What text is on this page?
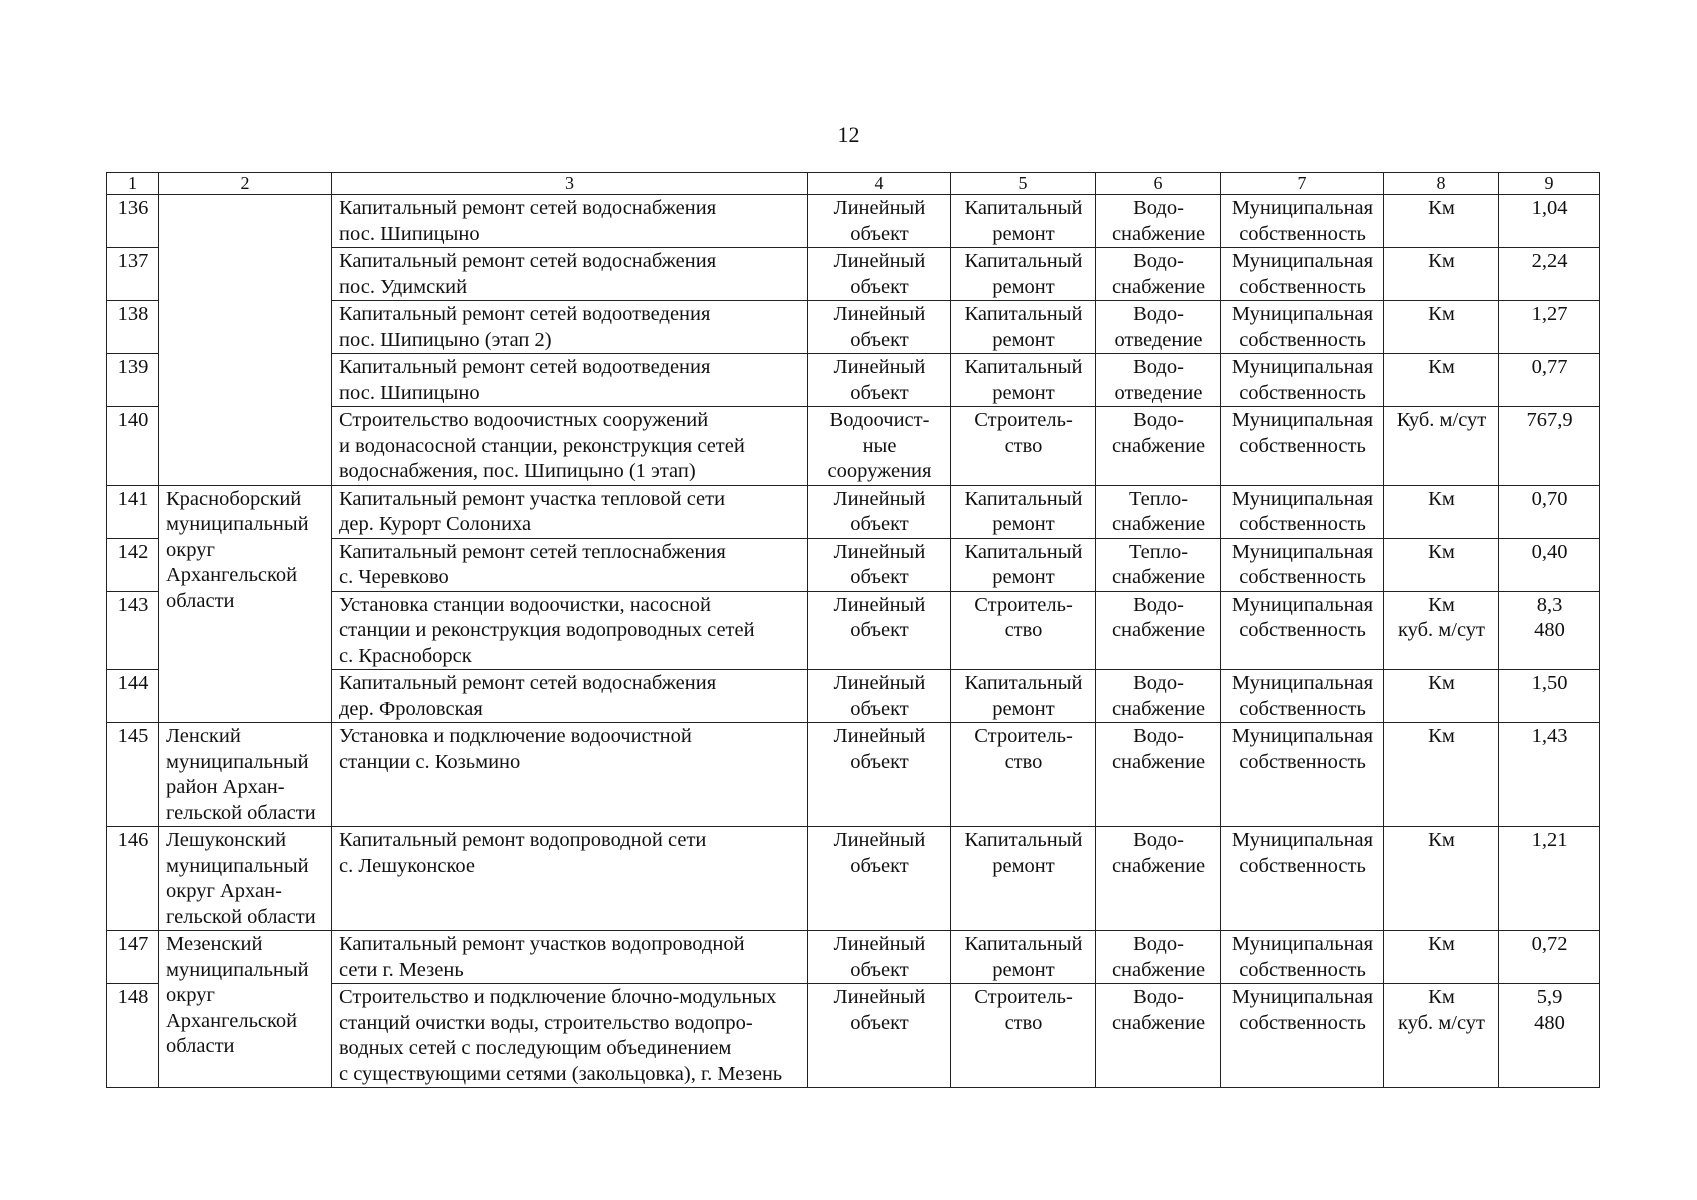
12
1	2	3	4	5	6	7	8	9
136		Капитальный ремонт сетей водоснабжения
пос. Шипицыно	Линейный
объект	Капитальный
ремонт	Водо-
снабжение	Муниципальная
собственность	Км	1,04

137		Капитальный ремонт сетей водоснабжения
пос. Удимский	Линейный
объект	Капитальный
ремонт	Водо-
снабжение	Муниципальная
собственность	Км	2,24

138		Капитальный ремонт сетей водоотведения
пос. Шипицыно (этап 2)	Линейный
объект	Капитальный
ремонт	Водо-
отведение	Муниципальная
собственность	Км	1,27

139		Капитальный ремонт сетей водоотведения
пос. Шипицыно	Линейный
объект	Капитальный
ремонт	Водо-
отведение	Муниципальная
собственность	Км	0,77

140		Строительство водоочистных сооружений
и водонасосной станции, реконструкция сетей
водоснабжения, пос. Шипицыно (1 этап)	Водоочист-
ные
сооружения	Строитель-
ство	Водо-
снабжение	Муниципальная
собственность	Куб. м/сут	767,9

141	Красноборский
муниципальный
округ
Архангельской
области	Капитальный ремонт участка тепловой сети
дер. Курорт Солониха	Линейный
объект	Капитальный
ремонт	Тепло-
снабжение	Муниципальная
собственность	Км	0,70

142		Капитальный ремонт сетей теплоснабжения
с. Черевково	Линейный
объект	Капитальный
ремонт	Тепло-
снабжение	Муниципальная
собственность	Км	0,40

143		Установка станции водоочистки, насосной
станции и реконструкция водопроводных сетей
с. Красноборск	Линейный
объект	Строитель-
ство	Водо-
снабжение	Муниципальная
собственность	Км
куб. м/сут	8,3
480

144		Капитальный ремонт сетей водоснабжения
дер. Фроловская	Линейный
объект	Капитальный
ремонт	Водо-
снабжение	Муниципальная
собственность	Км	1,50

145	Ленский
муниципальный
район Архан-
гельской области	Установка и подключение водоочистной
станции с. Козьмино	Линейный
объект	Строитель-
ство	Водо-
снабжение	Муниципальная
собственность	Км	1,43

146	Лешуконский
муниципальный
округ Архан-
гельской области	Капитальный ремонт водопроводной сети
с. Лешуконское	Линейный
объект	Капитальный
ремонт	Водо-
снабжение	Муниципальная
собственность	Км	1,21

147	Мезенский
муниципальный
округ
Архангельской
области	Капитальный ремонт участков водопроводной
сети г. Мезень	Линейный
объект	Капитальный
ремонт	Водо-
снабжение	Муниципальная
собственность	Км	0,72

148		Строительство и подключение блочно-модульных
станций очистки воды, строительство водопро-
водных сетей с последующим объединением
с существующими сетями (закольцовка), г. Мезень	Линейный
объект	Строитель-
ство	Водо-
снабжение	Муниципальная
собственность	Км
куб. м/сут	5,9
480
